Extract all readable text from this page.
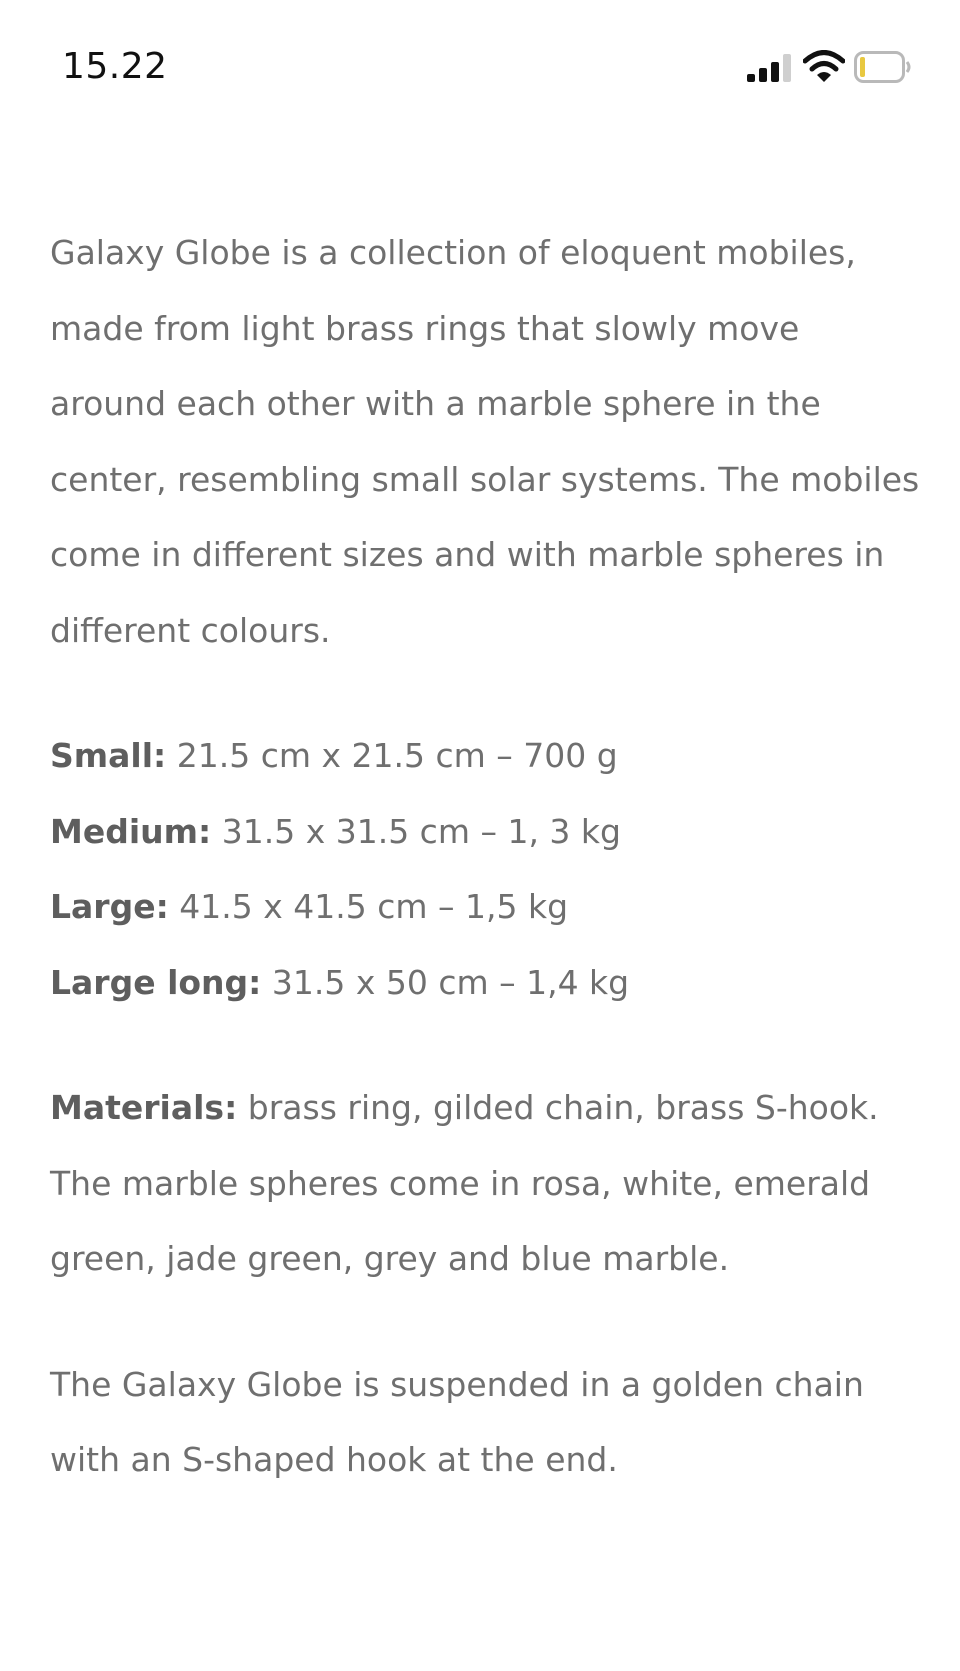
15.22

Galaxy Globe is a collection of eloquent mobiles, made from light brass rings that slowly move around each other with a marble sphere in the center, resembling small solar systems. The mobiles come in different sizes and with marble spheres in different colours.

Small: 21.5 cm x 21.5 cm – 700 g

Medium: 31.5 x 31.5 cm – 1, 3 kg

Large: 41.5 x 41.5 cm – 1,5 kg

Large long: 31.5 x 50 cm – 1,4 kg

Materials: brass ring, gilded chain, brass S-hook. The marble spheres come in rosa, white, emerald green, jade green, grey and blue marble.

The Galaxy Globe is suspended in a golden chain with an S-shaped hook at the end.
